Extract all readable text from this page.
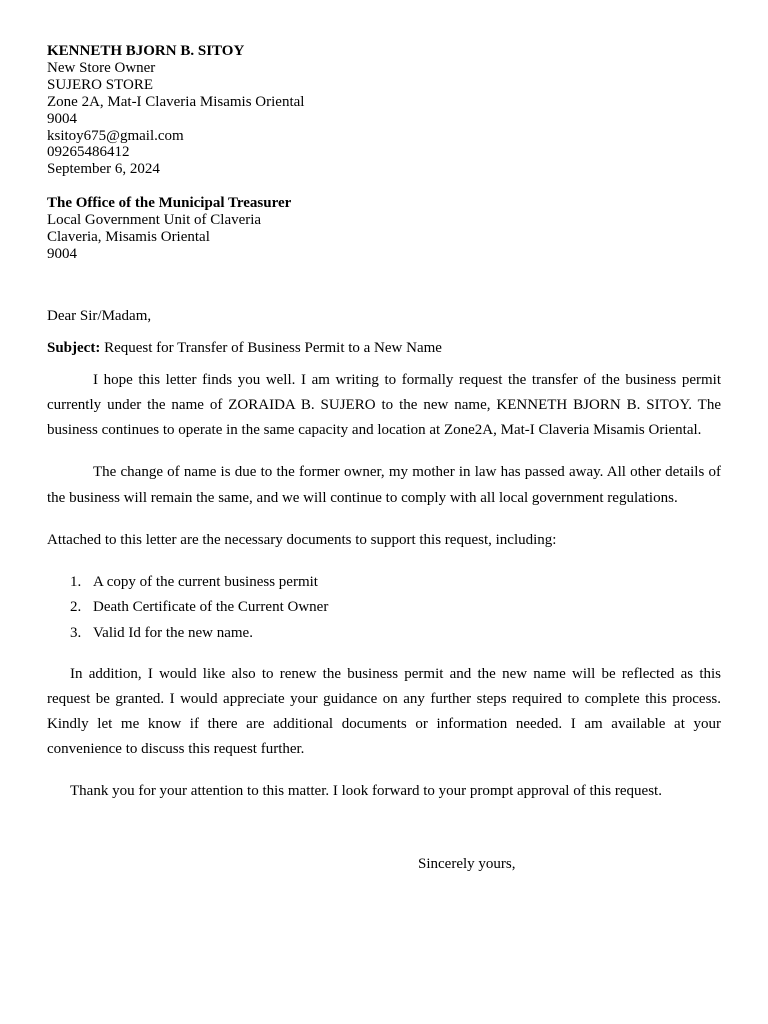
KENNETH BJORN B. SITOY
New Store Owner
SUJERO STORE
Zone 2A, Mat-I Claveria Misamis Oriental
9004
ksitoy675@gmail.com
09265486412
September 6, 2024
The Office of the Municipal Treasurer
Local Government Unit of Claveria
Claveria, Misamis Oriental
9004
Dear Sir/Madam,
Subject: Request for Transfer of Business Permit to a New Name

I hope this letter finds you well. I am writing to formally request the transfer of the business permit currently under the name of ZORAIDA B. SUJERO to the new name, KENNETH BJORN B. SITOY. The business continues to operate in the same capacity and location at Zone2A, Mat-I Claveria Misamis Oriental.

The change of name is due to the former owner, my mother in law has passed away. All other details of the business will remain the same, and we will continue to comply with all local government regulations.

Attached to this letter are the necessary documents to support this request, including:

1. A copy of the current business permit
2. Death Certificate of the Current Owner
3. Valid Id for the new name.

In addition, I would like also to renew the business permit and the new name will be reflected as this request be granted. I would appreciate your guidance on any further steps required to complete this process. Kindly let me know if there are additional documents or information needed. I am available at your convenience to discuss this request further.

Thank you for your attention to this matter. I look forward to your prompt approval of this request.

Sincerely yours,
